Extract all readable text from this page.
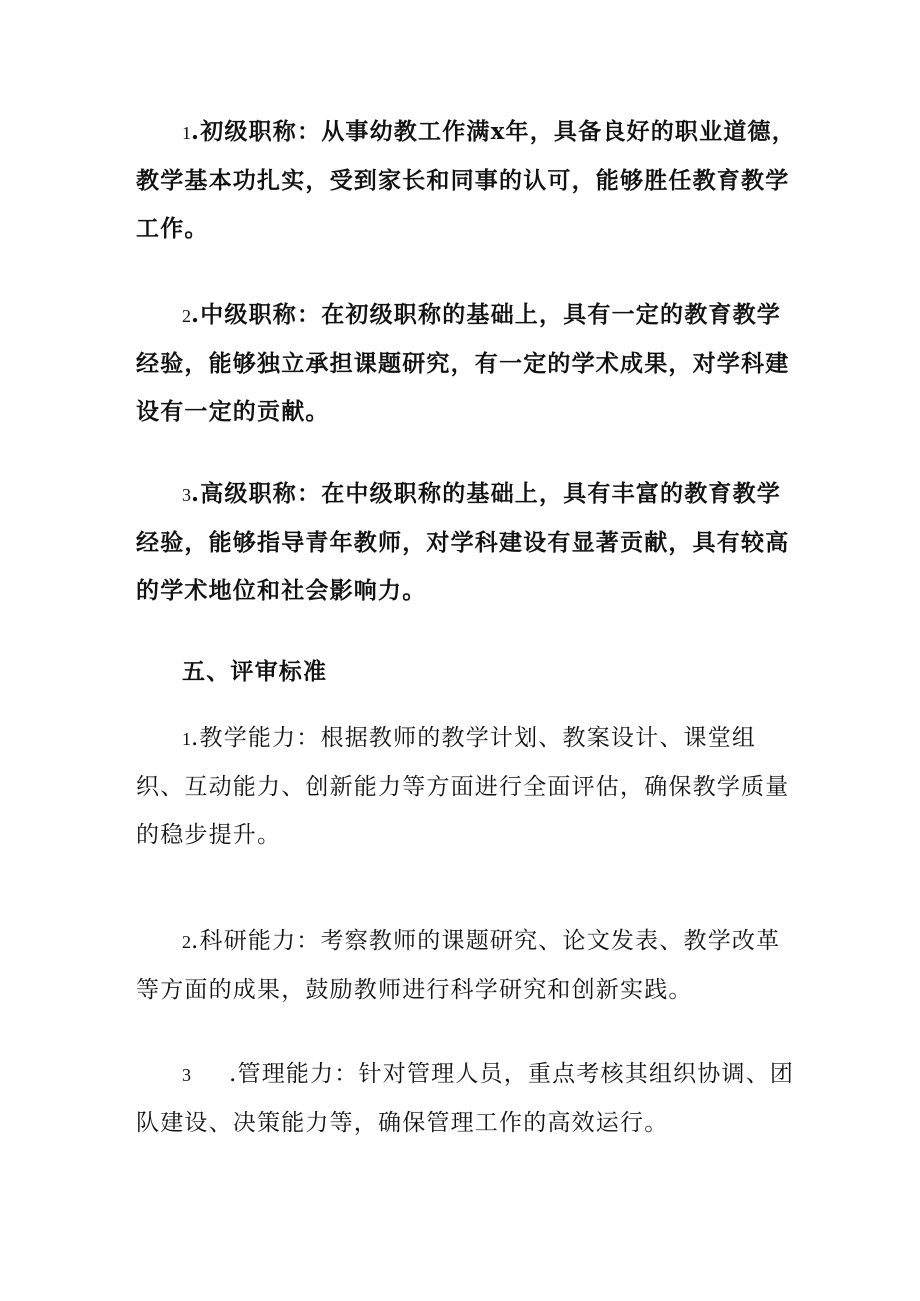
1.初级职称：从事幼教工作满x年，具备良好的职业道德，教学基本功扎实，受到家长和同事的认可，能够胜任教育教学工作。

2.中级职称：在初级职称的基础上，具有一定的教育教学经验，能够独立承担课题研究，有一定的学术成果，对学科建设有一定的贡献。

3.高级职称：在中级职称的基础上，具有丰富的教育教学经验，能够指导青年教师，对学科建设有显著贡献，具有较高的学术地位和社会影响力。

五、评审标准

1.教学能力：根据教师的教学计划、教案设计、课堂组织、互动能力、创新能力等方面进行全面评估，确保教学质量的稳步提升。

2.科研能力：考察教师的课题研究、论文发表、教学改革等方面的成果，鼓励教师进行科学研究和创新实践。

3 .管理能力：针对管理人员，重点考核其组织协调、团队建设、决策能力等，确保管理工作的高效运行。
